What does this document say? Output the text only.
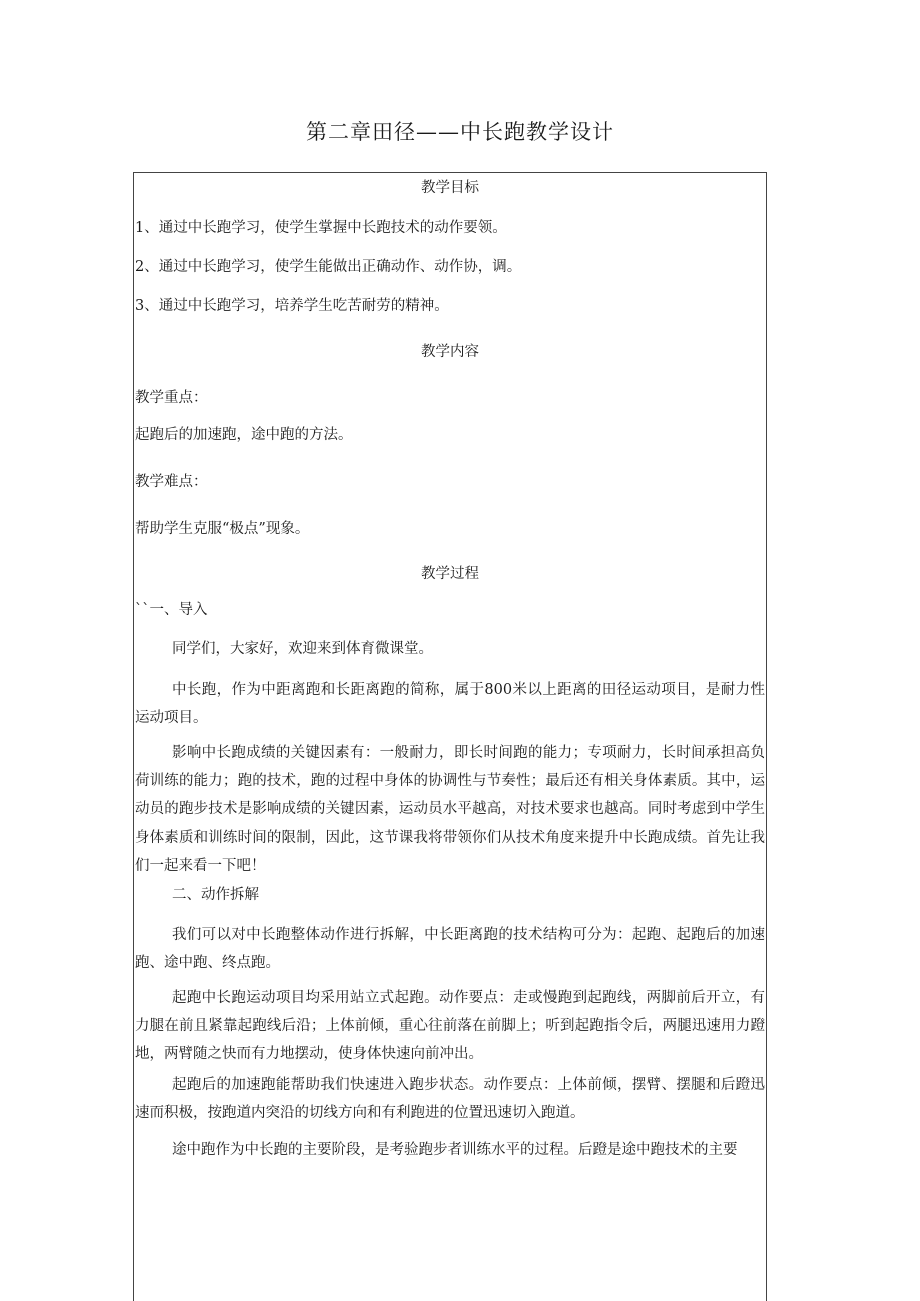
第二章田径——中长跑教学设计
教学目标
1、通过中长跑学习，使学生掌握中长跑技术的动作要领。
2、通过中长跑学习，使学生能做出正确动作、动作协，调。
3、通过中长跑学习，培养学生吃苦耐劳的精神。
教学内容
教学重点：
起跑后的加速跑，途中跑的方法。
教学难点：
帮助学生克服“极点”现象。
教学过程
``一、导入
同学们，大家好，欢迎来到体育微课堂。
中长跑，作为中距离跑和长距离跑的简称，属于800米以上距离的田径运动项目，是耐力性运动项目。
影响中长跑成绩的关键因素有：一般耐力，即长时间跑的能力；专项耐力，长时间承担高负荷训练的能力；跑的技术，跑的过程中身体的协调性与节奏性；最后还有相关身体素质。其中，运动员的跑步技术是影响成绩的关键因素，运动员水平越高，对技术要求也越高。同时考虑到中学生身体素质和训练时间的限制，因此，这节课我将带领你们从技术角度来提升中长跑成绩。首先让我们一起来看一下吧！
二、动作拆解
我们可以对中长跑整体动作进行拆解，中长距离跑的技术结构可分为：起跑、起跑后的加速跑、途中跑、终点跑。
起跑中长跑运动项目均采用站立式起跑。动作要点：走或慢跑到起跑线，两脚前后开立，有力腿在前且紧靠起跑线后沿；上体前倾，重心往前落在前脚上；听到起跑指令后，两腿迅速用力蹬地，两臂随之快而有力地摆动，使身体快速向前冲出。
起跑后的加速跑能帮助我们快速进入跑步状态。动作要点：上体前倾，摆臂、摆腿和后蹬迅速而积极，按跑道内突沿的切线方向和有利跑进的位置迅速切入跑道。
途中跑作为中长跑的主要阶段，是考验跑步者训练水平的过程。后蹬是途中跑技术的主要
